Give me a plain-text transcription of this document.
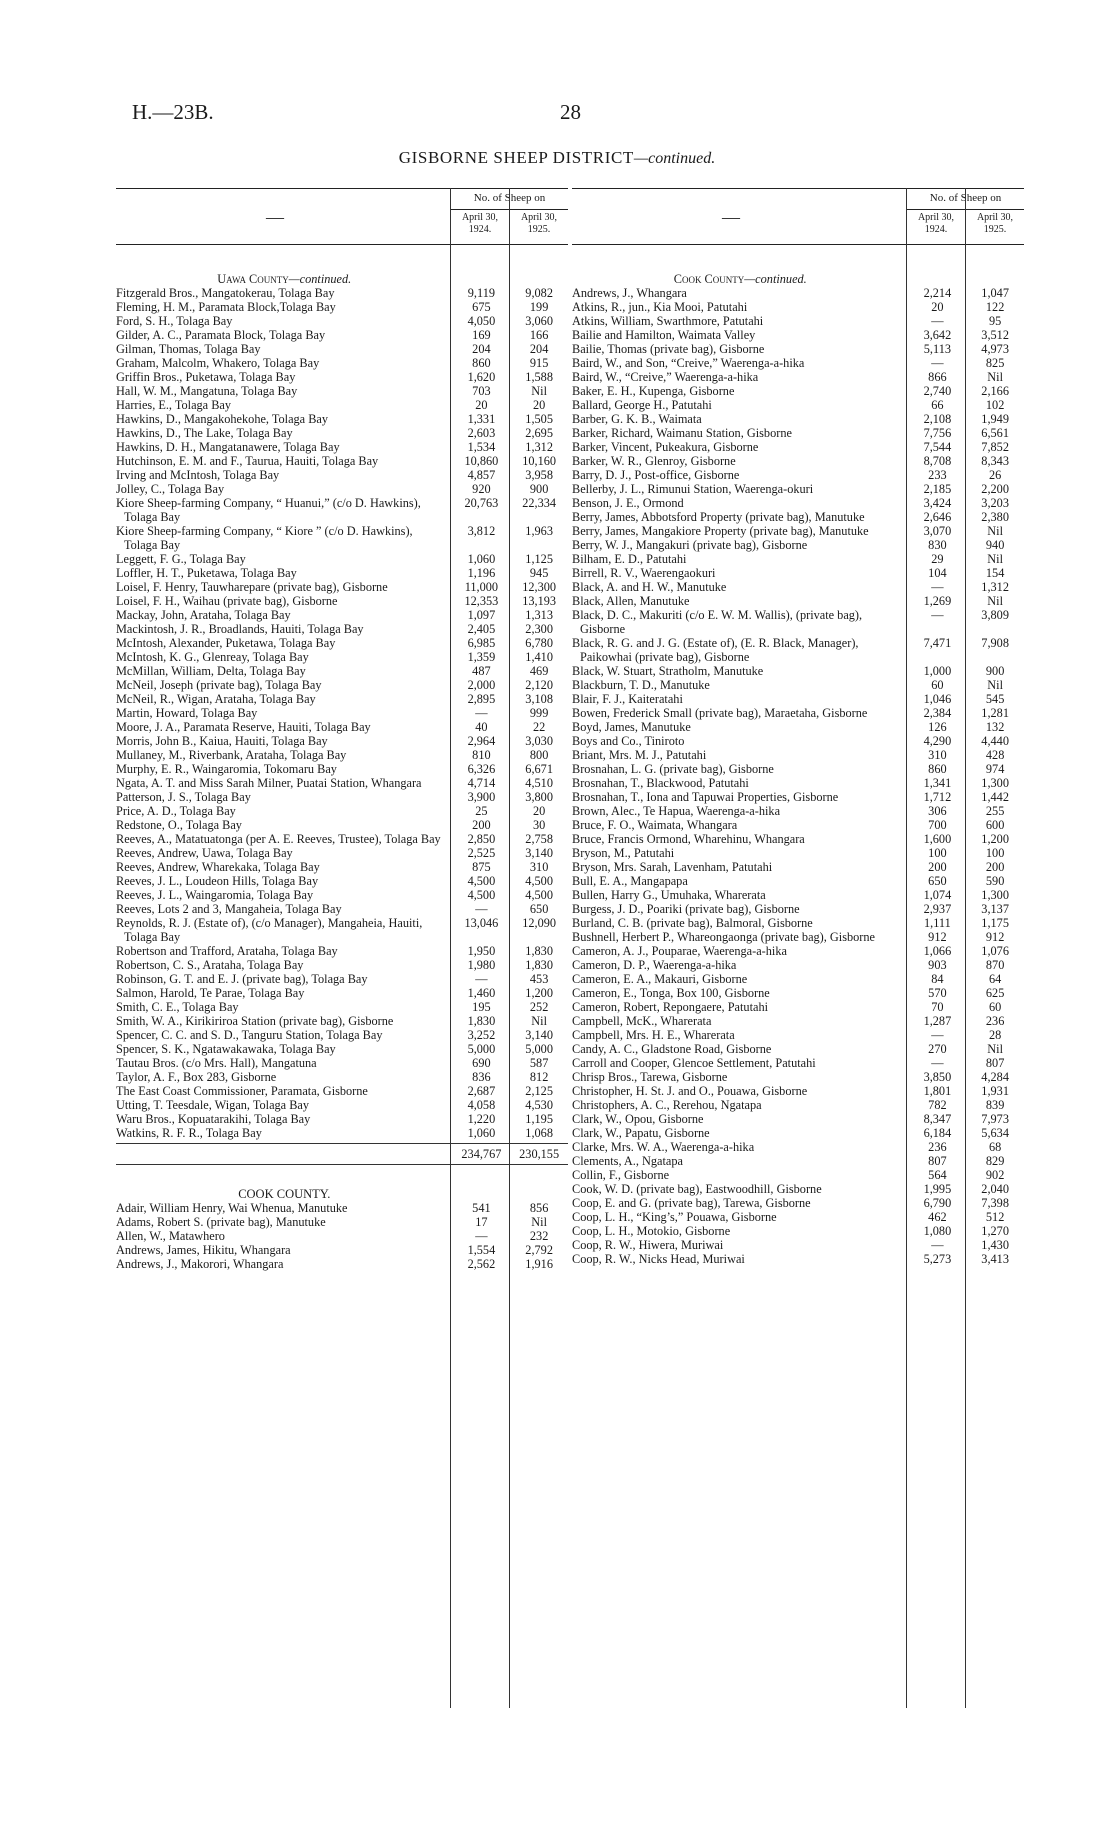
H.—23B.	28
GISBORNE SHEEP DISTRICT—continued.
—
No. of Sheep on
April 30, 1924.
April 30, 1925.
Uawa County—continued.
Fitzgerald Bros., Mangatokerau, Tolaga Bay	9,119	9,082
Fleming, H. M., Paramata Block,Tolaga Bay	675	199
Ford, S. H., Tolaga Bay	4,050	3,060
Gilder, A. C., Paramata Block, Tolaga Bay	169	166
Gilman, Thomas, Tolaga Bay	204	204
Graham, Malcolm, Whakero, Tolaga Bay	860	915
Griffin Bros., Puketawa, Tolaga Bay	1,620	1,588
Hall, W. M., Mangatuna, Tolaga Bay	703	Nil
Harries, E., Tolaga Bay	20	20
Hawkins, D., Mangakohekohe, Tolaga Bay	1,331	1,505
Hawkins, D., The Lake, Tolaga Bay	2,603	2,695
Hawkins, D. H., Mangatanawere, Tolaga Bay	1,534	1,312
Hutchinson, E. M. and F., Taurua, Hauiti, Tolaga Bay	10,860	10,160
Irving and McIntosh, Tolaga Bay	4,857	3,958
Jolley, C., Tolaga Bay	920	900
Kiore Sheep-farming Company, “ Huanui,” (c/o D. Hawkins), Tolaga Bay
20,763	22,334
Kiore Sheep-farming Company, “ Kiore ” (c/o D. Hawkins), Tolaga Bay
3,812	1,963
Leggett, F. G., Tolaga Bay	1,060	1,125
Loffler, H. T., Puketawa, Tolaga Bay	1,196	945
Loisel, F. Henry, Tauwharepare (private bag), Gisborne	11,000	12,300
Loisel, F. H., Waihau (private bag), Gisborne	12,353	13,193
Mackay, John, Arataha, Tolaga Bay	1,097	1,313
Mackintosh, J. R., Broadlands, Hauiti, Tolaga Bay	2,405	2,300
McIntosh, Alexander, Puketawa, Tolaga Bay	6,985	6,780
McIntosh, K. G., Glenreay, Tolaga Bay	1,359	1,410
McMillan, William, Delta, Tolaga Bay	487	469
McNeil, Joseph (private bag), Tolaga Bay	2,000	2,120
McNeil, R., Wigan, Arataha, Tolaga Bay	2,895	3,108
Martin, Howard, Tolaga Bay	—	999
Moore, J. A., Paramata Reserve, Hauiti, Tolaga Bay	40	22
Morris, John B., Kaiua, Hauiti, Tolaga Bay	2,964	3,030
Mullaney, M., Riverbank, Arataha, Tolaga Bay	810	800
Murphy, E. R., Waingaromia, Tokomaru Bay	6,326	6,671
Ngata, A. T. and Miss Sarah Milner, Puatai Station, Whangara	4,714	4,510
Patterson, J. S., Tolaga Bay	3,900	3,800
Price, A. D., Tolaga Bay	25	20
Redstone, O., Tolaga Bay	200	30
Reeves, A., Matatuatonga (per A. E. Reeves, Trustee), Tolaga Bay	2,850	2,758
Reeves, Andrew, Uawa, Tolaga Bay	2,525	3,140
Reeves, Andrew, Wharekaka, Tolaga Bay	875	310
Reeves, J. L., Loudeon Hills, Tolaga Bay	4,500	4,500
Reeves, J. L., Waingaromia, Tolaga Bay	4,500	4,500
Reeves, Lots 2 and 3, Mangaheia, Tolaga Bay	—	650
Reynolds, R. J. (Estate of), (c/o Manager), Mangaheia, Hauiti, Tolaga Bay
13,046	12,090
Robertson and Trafford, Arataha, Tolaga Bay	1,950	1,830
Robertson, C. S., Arataha, Tolaga Bay	1,980	1,830
Robinson, G. T. and E. J. (private bag), Tolaga Bay	—	453
Salmon, Harold, Te Parae, Tolaga Bay	1,460	1,200
Smith, C. E., Tolaga Bay	195	252
Smith, W. A., Kirikiriroa Station (private bag), Gisborne	1,830	Nil
Spencer, C. C. and S. D., Tanguru Station, Tolaga Bay	3,252	3,140
Spencer, S. K., Ngatawakawaka, Tolaga Bay	5,000	5,000
Tautau Bros. (c/o Mrs. Hall), Mangatuna	690	587
Taylor, A. F., Box 283, Gisborne	836	812
The East Coast Commissioner, Paramata, Gisborne	2,687	2,125
Utting, T. Teesdale, Wigan, Tolaga Bay	4,058	4,530
Waru Bros., Kopuatarakihi, Tolaga Bay	1,220	1,195
Watkins, R. F. R., Tolaga Bay	1,060	1,068
234,767	230,155
COOK COUNTY.
Adair, William Henry, Wai Whenua, Manutuke	541	856
Adams, Robert S. (private bag), Manutuke	17	Nil
Allen, W., Matawhero	—	232
Andrews, James, Hikitu, Whangara	1,554	2,792
Andrews, J., Makorori, Whangara	2,562	1,916
—
No. of Sheep on
April 30, 1924.
April 30, 1925.
Cook County—continued.
Andrews, J., Whangara	2,214	1,047
Atkins, R., jun., Kia Mooi, Patutahi	20	122
Atkins, William, Swarthmore, Patutahi	—	95
Bailie and Hamilton, Waimata Valley	3,642	3,512
Bailie, Thomas (private bag), Gisborne	5,113	4,973
Baird, W., and Son, “Creive,” Waerenga-a-hika	—	825
Baird, W., “Creive,” Waerenga-a-hika	866	Nil
Baker, E. H., Kupenga, Gisborne	2,740	2,166
Ballard, George H., Patutahi	66	102
Barber, G. K. B., Waimata	2,108	1,949
Barker, Richard, Waimanu Station, Gisborne	7,756	6,561
Barker, Vincent, Pukeakura, Gisborne	7,544	7,852
Barker, W. R., Glenroy, Gisborne	8,708	8,343
Barry, D. J., Post-office, Gisborne	233	26
Bellerby, J. L., Rimunui Station, Waerenga-okuri	2,185	2,200
Benson, J. E., Ormond	3,424	3,203
Berry, James, Abbotsford Property (private bag), Manutuke	2,646	2,380
Berry, James, Mangakiore Property (private bag), Manutuke	3,070	Nil
Berry, W. J., Mangakuri (private bag), Gisborne	830	940
Bilham, E. D., Patutahi	29	Nil
Birrell, R. V., Waerengaokuri	104	154
Black, A. and H. W., Manutuke	—	1,312
Black, Allen, Manutuke	1,269	Nil
Black, D. C., Makuriti (c/o E. W. M. Wallis), (private bag), Gisborne
—	3,809
Black, R. G. and J. G. (Estate of), (E. R. Black, Manager), Paikowhai (private bag), Gisborne
7,471	7,908
Black, W. Stuart, Stratholm, Manutuke	1,000	900
Blackburn, T. D., Manutuke	60	Nil
Blair, F. J., Kaiteratahi	1,046	545
Bowen, Frederick Small (private bag), Maraetaha, Gisborne	2,384	1,281
Boyd, James, Manutuke	126	132
Boys and Co., Tiniroto	4,290	4,440
Briant, Mrs. M. J., Patutahi	310	428
Brosnahan, L. G. (private bag), Gisborne	860	974
Brosnahan, T., Blackwood, Patutahi	1,341	1,300
Brosnahan, T., Iona and Tapuwai Properties, Gisborne	1,712	1,442
Brown, Alec., Te Hapua, Waerenga-a-hika	306	255
Bruce, F. O., Waimata, Whangara	700	600
Bruce, Francis Ormond, Wharehinu, Whangara	1,600	1,200
Bryson, M., Patutahi	100	100
Bryson, Mrs. Sarah, Lavenham, Patutahi	200	200
Bull, E. A., Mangapapa	650	590
Bullen, Harry G., Umuhaka, Wharerata	1,074	1,300
Burgess, J. D., Poariki (private bag), Gisborne	2,937	3,137
Burland, C. B. (private bag), Balmoral, Gisborne	1,111	1,175
Bushnell, Herbert P., Whareongaonga (private bag), Gisborne	912	912
Cameron, A. J., Pouparae, Waerenga-a-hika	1,066	1,076
Cameron, D. P., Waerenga-a-hika	903	870
Cameron, E. A., Makauri, Gisborne	84	64
Cameron, E., Tonga, Box 100, Gisborne	570	625
Cameron, Robert, Repongaere, Patutahi	70	60
Campbell, McK., Wharerata	1,287	236
Campbell, Mrs. H. E., Wharerata	—	28
Candy, A. C., Gladstone Road, Gisborne	270	Nil
Carroll and Cooper, Glencoe Settlement, Patutahi	—	807
Chrisp Bros., Tarewa, Gisborne	3,850	4,284
Christopher, H. St. J. and O., Pouawa, Gisborne	1,801	1,931
Christophers, A. C., Rerehou, Ngatapa	782	839
Clark, W., Opou, Gisborne	8,347	7,973
Clark, W., Papatu, Gisborne	6,184	5,634
Clarke, Mrs. W. A., Waerenga-a-hika	236	68
Clements, A., Ngatapa	807	829
Collin, F., Gisborne	564	902
Cook, W. D. (private bag), Eastwoodhill, Gisborne	1,995	2,040
Coop, E. and G. (private bag), Tarewa, Gisborne	6,790	7,398
Coop, L. H., “King’s,” Pouawa, Gisborne	462	512
Coop, L. H., Motokio, Gisborne	1,080	1,270
Coop, R. W., Hiwera, Muriwai	—	1,430
Coop, R. W., Nicks Head, Muriwai	5,273	3,413
